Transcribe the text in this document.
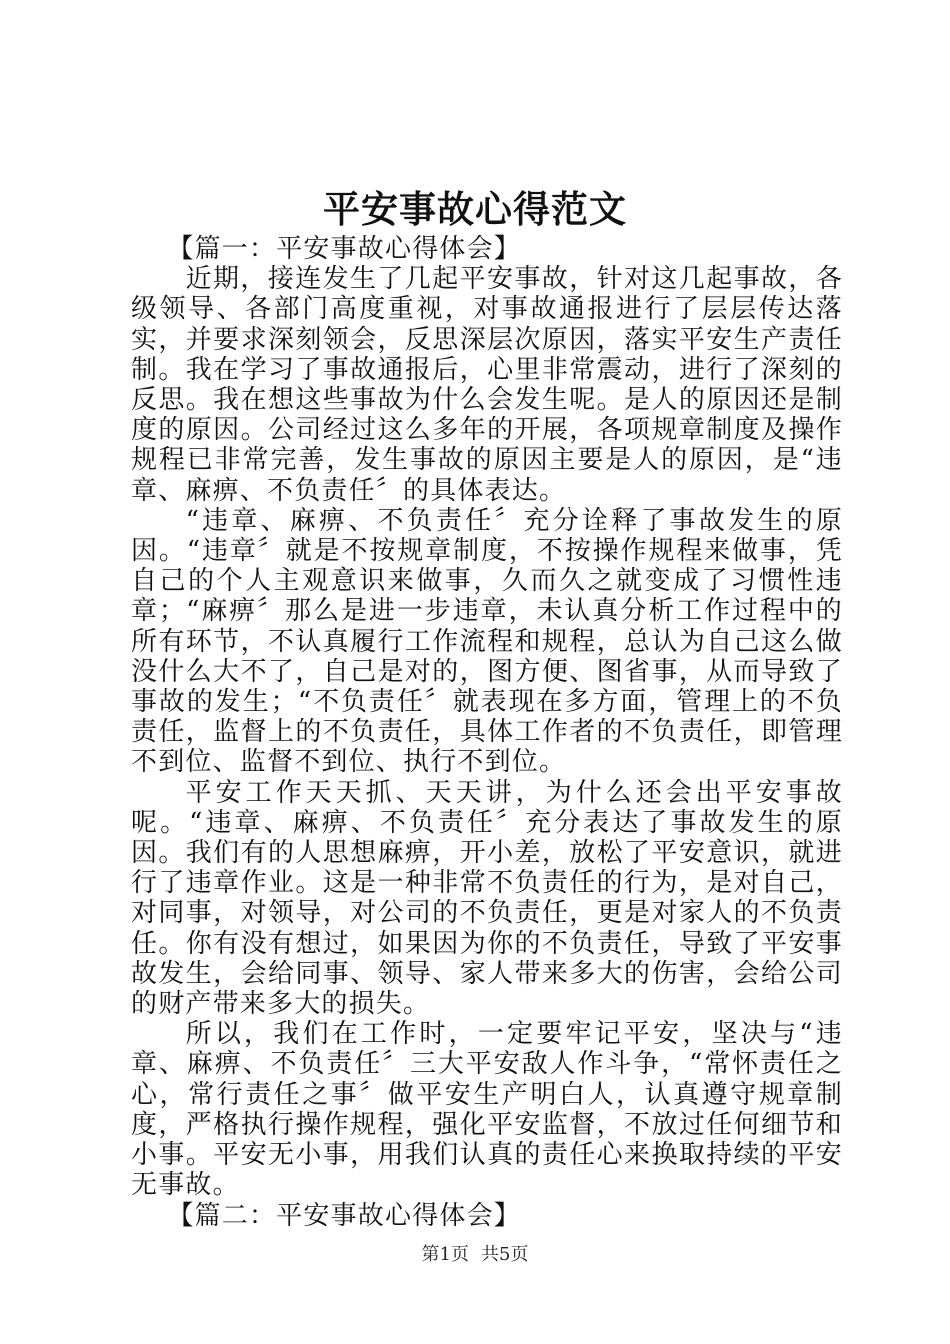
平安事故心得范文

【篇一：平安事故心得体会】

近期，接连发生了几起平安事故，针对这几起事故，各级领导、各部门高度重视，对事故通报进行了层层传达落实，并要求深刻领会，反思深层次原因，落实平安生产责任制。我在学习了事故通报后，心里非常震动，进行了深刻的反思。我在想这些事故为什么会发生呢。是人的原因还是制度的原因。公司经过这么多年的开展，各项规章制度及操作规程已非常完善，发生事故的原因主要是人的原因，是“违章、麻痹、不负责任〞的具体表达。

“违章、麻痹、不负责任〞充分诠释了事故发生的原因。“违章〞就是不按规章制度，不按操作规程来做事，凭自己的个人主观意识来做事，久而久之就变成了习惯性违章；“麻痹〞那么是进一步违章，未认真分析工作过程中的所有环节，不认真履行工作流程和规程，总认为自己这么做没什么大不了，自己是对的，图方便、图省事，从而导致了事故的发生；“不负责任〞就表现在多方面，管理上的不负责任，监督上的不负责任，具体工作者的不负责任，即管理不到位、监督不到位、执行不到位。

平安工作天天抓、天天讲，为什么还会出平安事故呢。“违章、麻痹、不负责任〞充分表达了事故发生的原因。我们有的人思想麻痹，开小差，放松了平安意识，就进行了违章作业。这是一种非常不负责任的行为，是对自己，对同事，对领导，对公司的不负责任，更是对家人的不负责任。你有没有想过，如果因为你的不负责任，导致了平安事故发生，会给同事、领导、家人带来多大的伤害，会给公司的财产带来多大的损失。

所以，我们在工作时，一定要牢记平安，坚决与“违章、麻痹、不负责任〞三大平安敌人作斗争，“常怀责任之心，常行责任之事〞做平安生产明白人，认真遵守规章制度，严格执行操作规程，强化平安监督，不放过任何细节和小事。平安无小事，用我们认真的责任心来换取持续的平安无事故。

【篇二：平安事故心得体会】

第1页 共5页
